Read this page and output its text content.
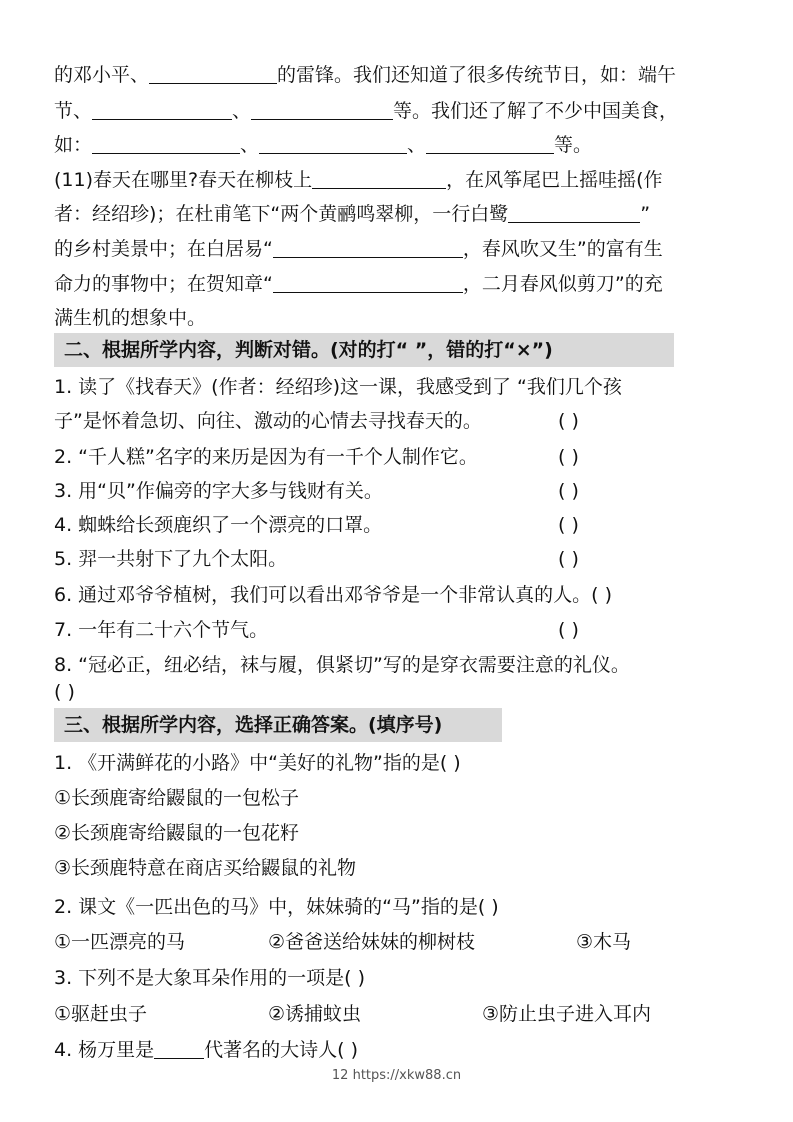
的邓小平、	的雷锋。我们还知道了很多传统节日，如：端午
节、	、	等。我们还了解了不少中国美食，
如：	、	、	等。
(11)春天在哪里?春天在柳枝上	，在风筝尾巴上摇哇摇(作
者：经绍珍)；在杜甫笔下“两个黄鹂鸣翠柳，一行白鹭	”
的乡村美景中；在白居易“	，春风吹又生”的富有生
命力的事物中；在贺知章“	，二月春风似剪刀”的充
满生机的想象中。
二、根据所学内容，判断对错。(对的打“ ”，错的打“×”)
1. 读了《找春天》(作者：经绍珍)这一课，我感受到了 “我们几个孩
子”是怀着急切、向往、激动的心情去寻找春天的。	( )
2. “千人糕”名字的来历是因为有一千个人制作它。	( )
3. 用“贝”作偏旁的字大多与钱财有关。	( )
4. 蜘蛛给长颈鹿织了一个漂亮的口罩。	( )
5. 羿一共射下了九个太阳。	( )
6. 通过邓爷爷植树，我们可以看出邓爷爷是一个非常认真的人。( )
7. 一年有二十六个节气。	( )
8. “冠必正，纽必结，袜与履，俱紧切”写的是穿衣需要注意的礼仪。
( )
三、根据所学内容，选择正确答案。(填序号)
1. 《开满鲜花的小路》中“美好的礼物”指的是( )
①长颈鹿寄给鼹鼠的一包松子
②长颈鹿寄给鼹鼠的一包花籽
③长颈鹿特意在商店买给鼹鼠的礼物
2. 课文《一匹出色的马》中，妹妹骑的“马”指的是( )
①一匹漂亮的马	②爸爸送给妹妹的柳树枝	③木马
3. 下列不是大象耳朵作用的一项是( )
①驱赶虫子	②诱捕蚊虫	③防止虫子进入耳内
4. 杨万里是	代著名的大诗人( )
12 https://xkw88.cn
